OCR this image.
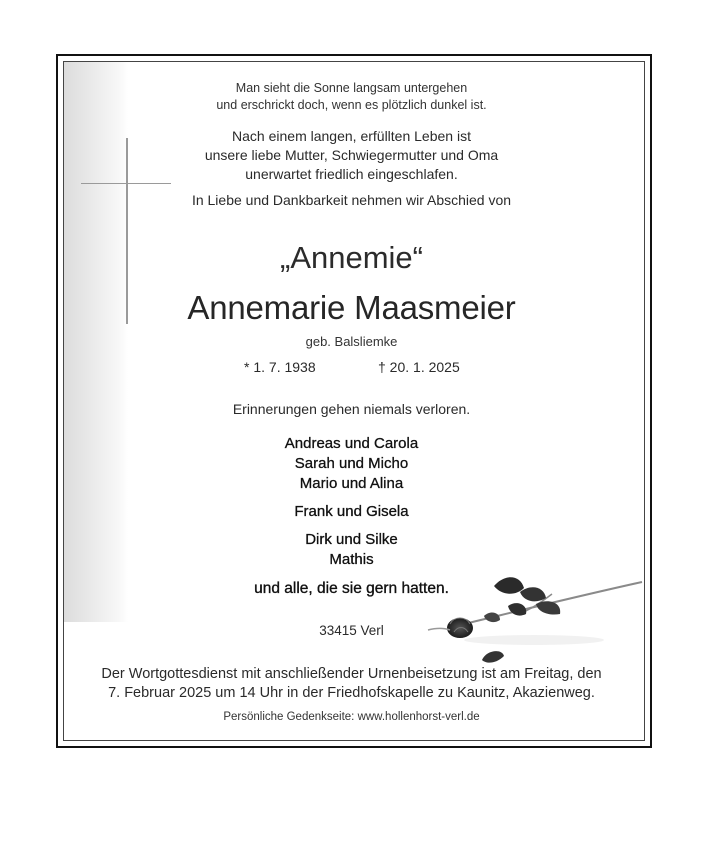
Man sieht die Sonne langsam untergehen
und erschrickt doch, wenn es plötzlich dunkel ist.
Nach einem langen, erfüllten Leben ist
unsere liebe Mutter, Schwiegermutter und Oma
unerwartet friedlich eingeschlafen.
In Liebe und Dankbarkeit nehmen wir Abschied von
„Annemie“
Annemarie Maasmeier
geb. Balsliemke
* 1. 7. 1938	† 20. 1. 2025
Erinnerungen gehen niemals verloren.
Andreas und Carola
Sarah und Micho
Mario und Alina
Frank und Gisela
Dirk und Silke
Mathis
und alle, die sie gern hatten.
33415 Verl
Der Wortgottesdienst mit anschließender Urnenbeisetzung ist am Freitag, den
7. Februar 2025 um 14 Uhr in der Friedhofskapelle zu Kaunitz, Akazienweg.
Persönliche Gedenkseite: www.hollenhorst-verl.de
